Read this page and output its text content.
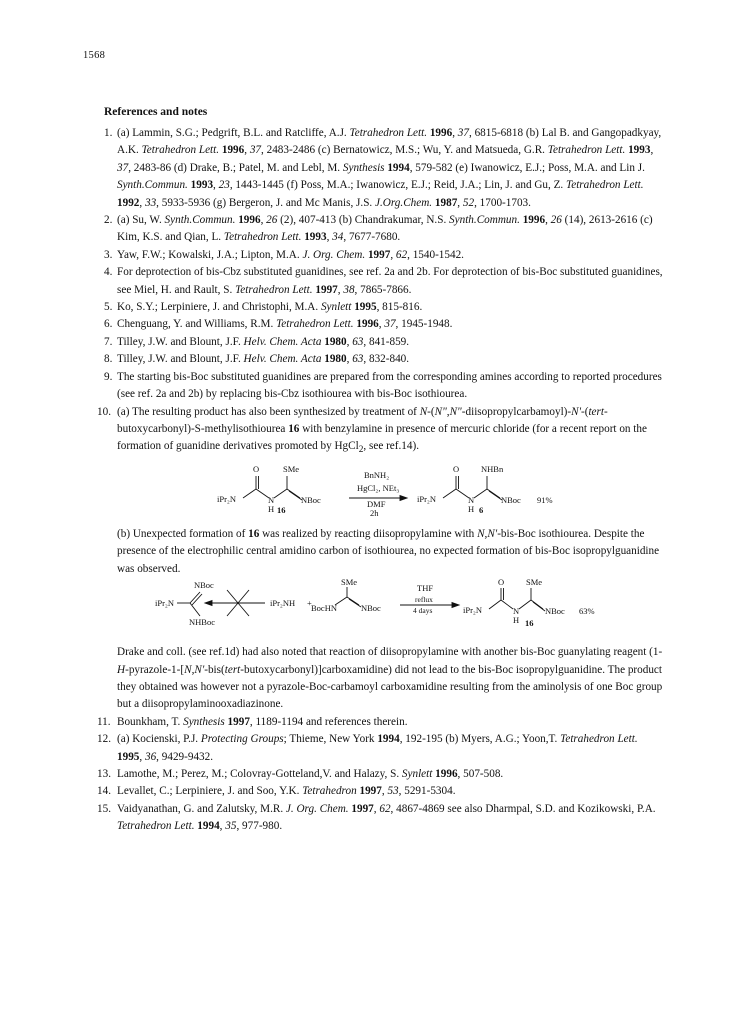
1568
References and notes
1. (a) Lammin, S.G.; Pedgrift, B.L. and Ratcliffe, A.J. Tetrahedron Lett. 1996, 37, 6815-6818 (b) Lal B. and Gangopadkyay, A.K. Tetrahedron Lett. 1996, 37, 2483-2486 (c) Bernatowicz, M.S.; Wu, Y. and Matsueda, G.R. Tetrahedron Lett. 1993, 37, 2483-86 (d) Drake, B.; Patel, M. and Lebl, M. Synthesis 1994, 579-582 (e) Iwanowicz, E.J.; Poss, M.A. and Lin J. Synth.Commun. 1993, 23, 1443-1445 (f) Poss, M.A.; Iwanowicz, E.J.; Reid, J.A.; Lin, J. and Gu, Z. Tetrahedron Lett. 1992, 33, 5933-5936 (g) Bergeron, J. and Mc Manis, J.S. J.Org.Chem. 1987, 52, 1700-1703.
2. (a) Su, W. Synth.Commun. 1996, 26 (2), 407-413 (b) Chandrakumar, N.S. Synth.Commun. 1996, 26 (14), 2613-2616 (c) Kim, K.S. and Qian, L. Tetrahedron Lett. 1993, 34, 7677-7680.
3. Yaw, F.W.; Kowalski, J.A.; Lipton, M.A. J. Org. Chem. 1997, 62, 1540-1542.
4. For deprotection of bis-Cbz substituted guanidines, see ref. 2a and 2b. For deprotection of bis-Boc substituted guanidines, see Miel, H. and Rault, S. Tetrahedron Lett. 1997, 38, 7865-7866.
5. Ko, S.Y.; Lerpiniere, J. and Christophi, M.A. Synlett 1995, 815-816.
6. Chenguang, Y. and Williams, R.M. Tetrahedron Lett. 1996, 37, 1945-1948.
7. Tilley, J.W. and Blount, J.F. Helv. Chem. Acta 1980, 63, 841-859.
8. Tilley, J.W. and Blount, J.F. Helv. Chem. Acta 1980, 63, 832-840.
9. The starting bis-Boc substituted guanidines are prepared from the corresponding amines according to reported procedures (see ref. 2a and 2b) by replacing bis-Cbz isothiourea with bis-Boc isothiourea.
10. (a) The resulting product has also been synthesized by treatment of N-(N",N"-diisopropylcarbamoyl)-N'-(tert-butoxycarbonyl)-S-methylisothiourea 16 with benzylamine in presence of mercuric chloride (for a recent report on the formation of guanidine derivatives promoted by HgCl$_2$, see ref.14).
O	SMe
iPr₂N	N
H
NBoc
16
BnNH₂
HgCl₂, NEt₃
DMF
2h
O	NHBn
iPr₂N	N
H
NBoc
6
91%
(b) Unexpected formation of 16 was realized by reacting diisopropylamine with N,N'-bis-Boc isothiourea. Despite the presence of the electrophilic central amidino carbon of isothiourea, no expected formation of bis-Boc isopropylguanidine was observed.
NBoc
iPr₂N
NHBoc
iPr₂NH +
SMe
BocHN	NBoc
THF
reflux
4 days
O	SMe
iPr₂N	N
H
NBoc
16
63%
Drake and coll. (see ref.1d) had also noted that reaction of diisopropylamine with another bis-Boc guanylating reagent (1-H-pyrazole-1-[N,N'-bis(tert-butoxycarbonyl)]carboxamidine) did not lead to the bis-Boc isopropylguanidine. The product they obtained was however not a pyrazole-Boc-carbamoyl carboxamidine resulting from the aminolysis of one Boc group but a diisopropylaminooxadiazinone.
11. Bounkham, T. Synthesis 1997, 1189-1194 and references therein.
12. (a) Kocienski, P.J. Protecting Groups; Thieme, New York 1994, 192-195 (b) Myers, A.G.; Yoon,T. Tetrahedron Lett. 1995, 36, 9429-9432.
13. Lamothe, M.; Perez, M.; Colovray-Gotteland,V. and Halazy, S. Synlett 1996, 507-508.
14. Levallet, C.; Lerpiniere, J. and Soo, Y.K. Tetrahedron 1997, 53, 5291-5304.
15. Vaidyanathan, G. and Zalutsky, M.R. J. Org. Chem. 1997, 62, 4867-4869 see also Dharmpal, S.D. and Kozikowski, P.A. Tetrahedron Lett. 1994, 35, 977-980.
